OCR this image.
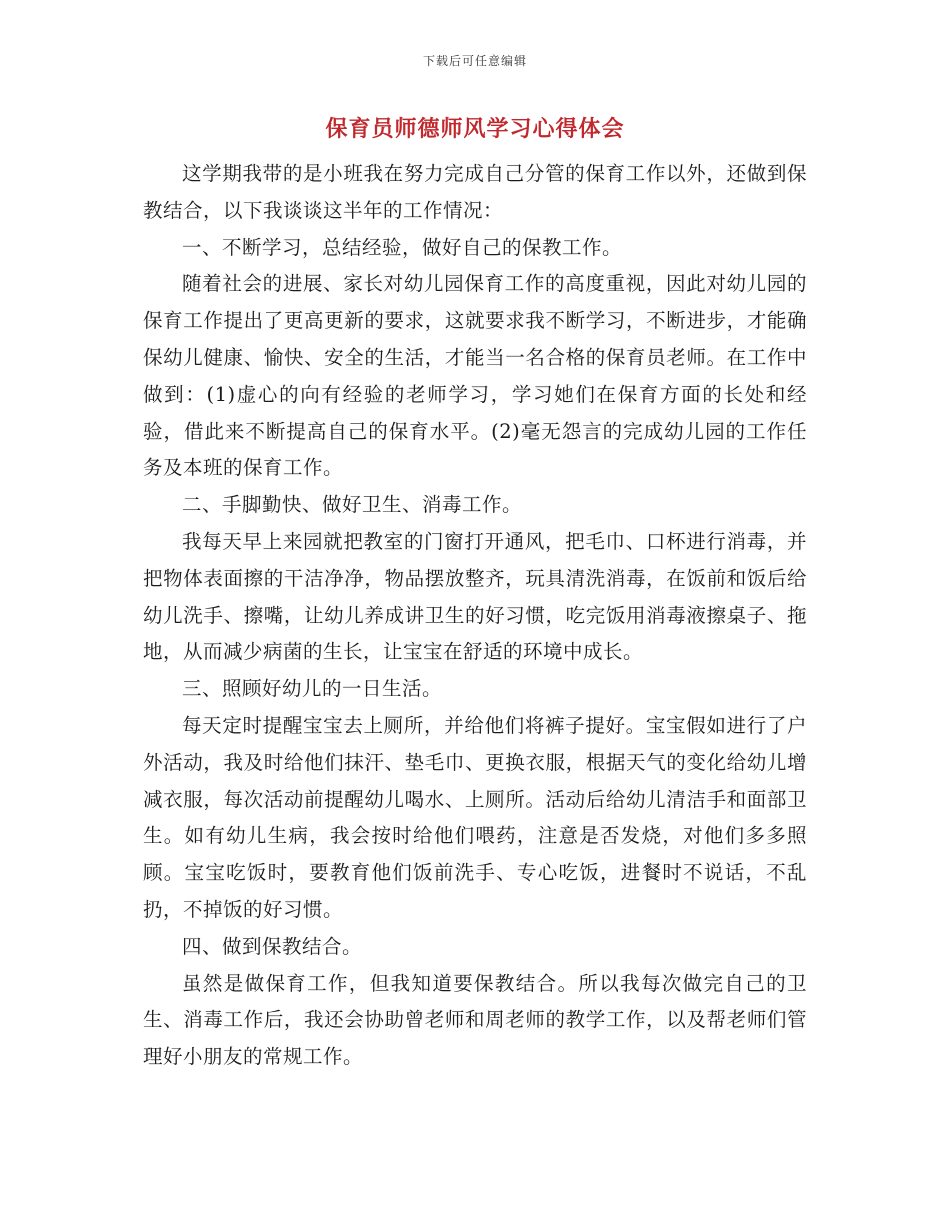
下载后可任意编辑
保育员师德师风学习心得体会

这学期我带的是小班我在努力完成自己分管的保育工作以外，还做到保教结合，以下我谈谈这半年的工作情况：

一、不断学习，总结经验，做好自己的保教工作。

随着社会的进展、家长对幼儿园保育工作的高度重视，因此对幼儿园的保育工作提出了更高更新的要求，这就要求我不断学习，不断进步，才能确保幼儿健康、愉快、安全的生活，才能当一名合格的保育员老师。在工作中做到：(1)虚心的向有经验的老师学习，学习她们在保育方面的长处和经验，借此来不断提高自己的保育水平。(2)毫无怨言的完成幼儿园的工作任务及本班的保育工作。

二、手脚勤快、做好卫生、消毒工作。

我每天早上来园就把教室的门窗打开通风，把毛巾、口杯进行消毒，并把物体表面擦的干洁净净，物品摆放整齐，玩具清洗消毒，在饭前和饭后给幼儿洗手、擦嘴，让幼儿养成讲卫生的好习惯，吃完饭用消毒液擦桌子、拖地，从而减少病菌的生长，让宝宝在舒适的环境中成长。

三、照顾好幼儿的一日生活。

每天定时提醒宝宝去上厕所，并给他们将裤子提好。宝宝假如进行了户外活动，我及时给他们抹汗、垫毛巾、更换衣服，根据天气的变化给幼儿增减衣服，每次活动前提醒幼儿喝水、上厕所。活动后给幼儿清洁手和面部卫生。如有幼儿生病，我会按时给他们喂药，注意是否发烧，对他们多多照顾。宝宝吃饭时，要教育他们饭前洗手、专心吃饭，进餐时不说话，不乱扔，不掉饭的好习惯。

四、做到保教结合。

虽然是做保育工作，但我知道要保教结合。所以我每次做完自己的卫生、消毒工作后，我还会协助曾老师和周老师的教学工作，以及帮老师们管理好小朋友的常规工作。
